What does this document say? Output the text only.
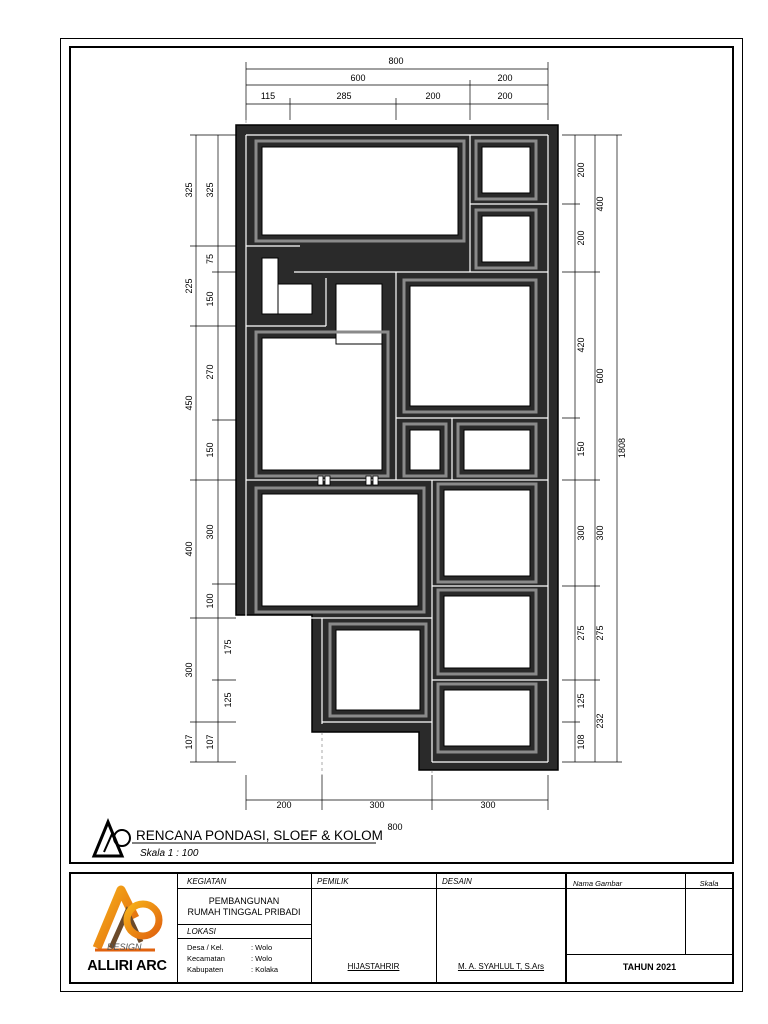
800
600	200
115	285	200	200
200	300	300
800
325
225
450
400
300
107
325
75
150
270
150
300
100
175
125
107
200
200
420
150
300
275
125
108
400
600
300
275
232
1808
RENCANA PONDASI, SLOEF & KOLOM
Skala 1 : 100
DESIGN
ALLIRI ARC
KEGIATAN
PEMBANGUNAN
RUMAH TINGGAL PRIBADI
LOKASI
Desa / Kel.	: Wolo
Kecamatan	: Wolo
Kabupaten	: Kolaka
PEMILIK
HIJASTAHRIR
DESAIN
M. A. SYAHLUL T, S.Ars
Nama Gambar	Skala
TAHUN 2021
